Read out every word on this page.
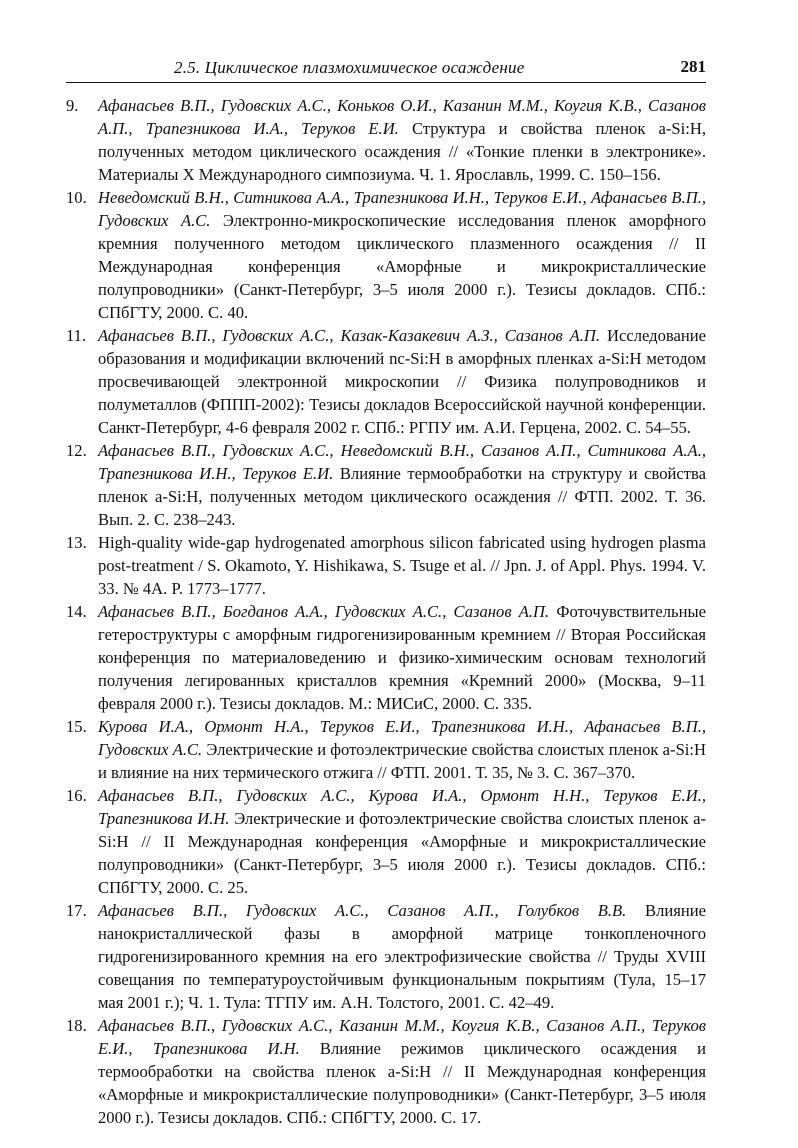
2.5. Циклическое плазмохимическое осаждение	281
9.	Афанасьев В.П., Гудовских А.С., Коньков О.И., Казанин М.М., Коугия К.В., Сазанов А.П., Трапезникова И.А., Теруков Е.И. Структура и свойства пленок a-Si:H, полученных методом циклического осаждения // «Тонкие пленки в электронике». Материалы X Международного симпозиума. Ч. 1. Ярославль, 1999. С. 150–156.
10. Неведомский В.Н., Ситникова А.А., Трапезникова И.Н., Теруков Е.И., Афанасьев В.П., Гудовских А.С. Электронно-микроскопические исследования пленок аморфного кремния полученного методом циклического плазменного осаждения // II Международная конференция «Аморфные и микрокристаллические полупроводники» (Санкт-Петербург, 3–5 июля 2000 г.). Тезисы докладов. СПб.: СПбГТУ, 2000. С. 40.
11. Афанасьев В.П., Гудовских А.С., Казак-Казакевич А.З., Сазанов А.П. Исследование образования и модификации включений nc-Si:H в аморфных пленках a-Si:H методом просвечивающей электронной микроскопии // Физика полупроводников и полуметаллов (ФППП-2002): Тезисы докладов Всероссийской научной конференции. Санкт-Петербург, 4-6 февраля 2002 г. СПб.: РГПУ им. А.И. Герцена, 2002. С. 54–55.
12. Афанасьев В.П., Гудовских А.С., Неведомский В.Н., Сазанов А.П., Ситникова А.А., Трапезникова И.Н., Теруков Е.И. Влияние термообработки на структуру и свойства пленок a-Si:H, полученных методом циклического осаждения // ФТП. 2002. Т. 36. Вып. 2. С. 238–243.
13. High-quality wide-gap hydrogenated amorphous silicon fabricated using hydrogen plasma post-treatment / S. Okamoto, Y. Hishikawa, S. Tsuge et al. // Jpn. J. of Appl. Phys. 1994. V. 33. № 4A. P. 1773–1777.
14. Афанасьев В.П., Богданов А.А., Гудовских А.С., Сазанов А.П. Фоточувствительные гетероструктуры с аморфным гидрогенизированным кремнием // Вторая Российская конференция по материаловедению и физико-химическим основам технологий получения легированных кристаллов кремния «Кремний 2000» (Москва, 9–11 февраля 2000 г.). Тезисы докладов. М.: МИСиС, 2000. С. 335.
15. Курова И.А., Ормонт Н.А., Теруков Е.И., Трапезникова И.Н., Афанасьев В.П., Гудовских А.С. Электрические и фотоэлектрические свойства слоистых пленок a-Si:H и влияние на них термического отжига // ФТП. 2001. Т. 35, № 3. С. 367–370.
16. Афанасьев В.П., Гудовских А.С., Курова И.А., Ормонт Н.Н., Теруков Е.И., Трапезникова И.Н. Электрические и фотоэлектрические свойства слоистых пленок a-Si:H // II Международная конференция «Аморфные и микрокристаллические полупроводники» (Санкт-Петербург, 3–5 июля 2000 г.). Тезисы докладов. СПб.: СПбГТУ, 2000. С. 25.
17. Афанасьев В.П., Гудовских А.С., Сазанов А.П., Голубков В.В. Влияние нанокристаллической фазы в аморфной матрице тонкопленочного гидрогенизированного кремния на его электрофизические свойства // Труды XVIII совещания по температуроустойчивым функциональным покрытиям (Тула, 15–17 мая 2001 г.); Ч. 1. Тула: ТГПУ им. А.Н. Толстого, 2001. С. 42–49.
18. Афанасьев В.П., Гудовских А.С., Казанин М.М., Коугия К.В., Сазанов А.П., Теруков Е.И., Трапезникова И.Н. Влияние режимов циклического осаждения и термообработки на свойства пленок a-Si:H // II Международная конференция «Аморфные и микрокристаллические полупроводники» (Санкт-Петербург, 3–5 июля 2000 г.). Тезисы докладов. СПб.: СПбГТУ, 2000. С. 17.
